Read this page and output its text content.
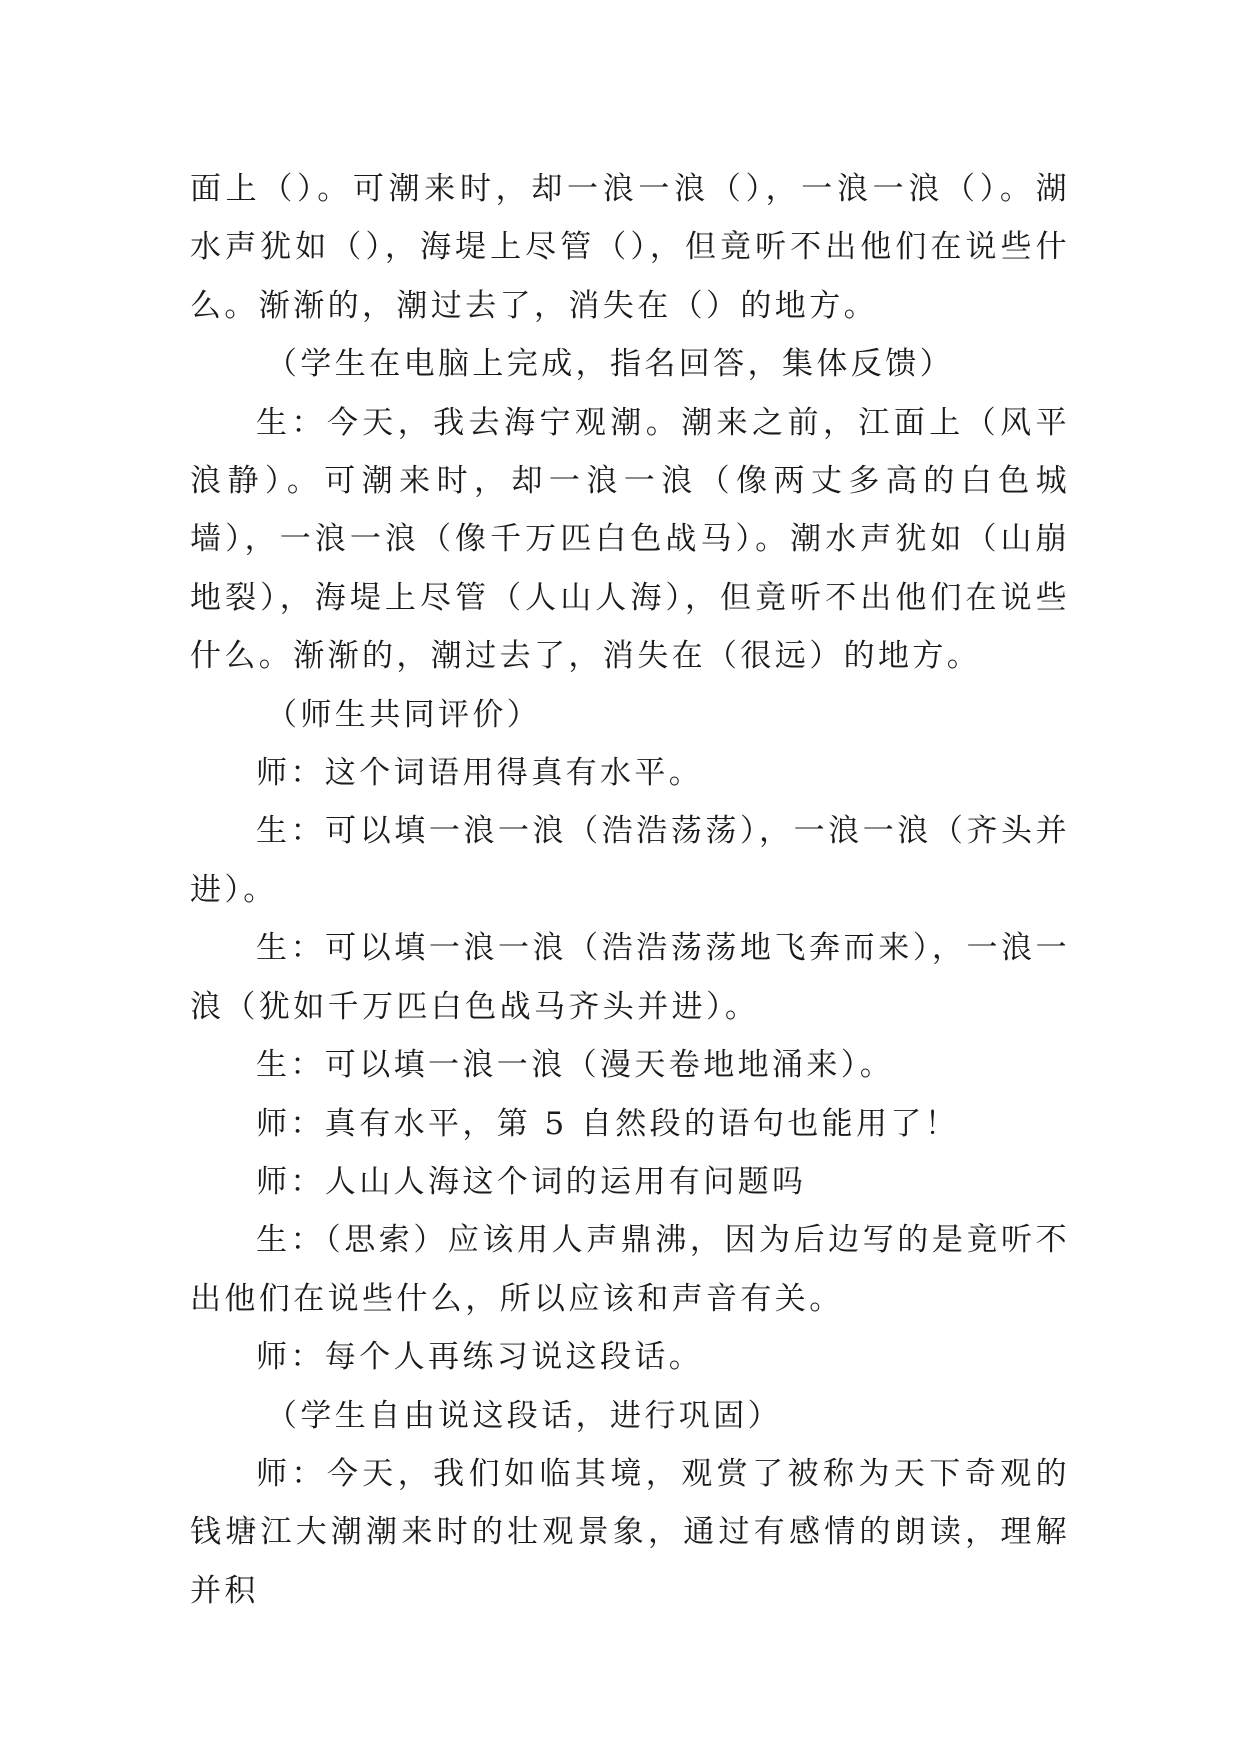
面上（）。可潮来时，却一浪一浪（），一浪一浪（）。湖水声犹如（），海堤上尽管（），但竟听不出他们在说些什么。渐渐的，潮过去了，消失在（）的地方。

（学生在电脑上完成，指名回答，集体反馈）

生：今天，我去海宁观潮。潮来之前，江面上（风平浪静）。可潮来时，却一浪一浪（像两丈多高的白色城墙），一浪一浪（像千万匹白色战马）。潮水声犹如（山崩地裂），海堤上尽管（人山人海），但竟听不出他们在说些什么。渐渐的，潮过去了，消失在（很远）的地方。

（师生共同评价）

师：这个词语用得真有水平。

生：可以填一浪一浪（浩浩荡荡），一浪一浪（齐头并进）。

生：可以填一浪一浪（浩浩荡荡地飞奔而来），一浪一浪（犹如千万匹白色战马齐头并进）。

生：可以填一浪一浪（漫天卷地地涌来）。

师：真有水平，第 5 自然段的语句也能用了！

师：人山人海这个词的运用有问题吗

生：（思索）应该用人声鼎沸，因为后边写的是竟听不出他们在说些什么，所以应该和声音有关。

师：每个人再练习说这段话。

（学生自由说这段话，进行巩固）

师：今天，我们如临其境，观赏了被称为天下奇观的钱塘江大潮潮来时的壮观景象，通过有感情的朗读，理解并积
